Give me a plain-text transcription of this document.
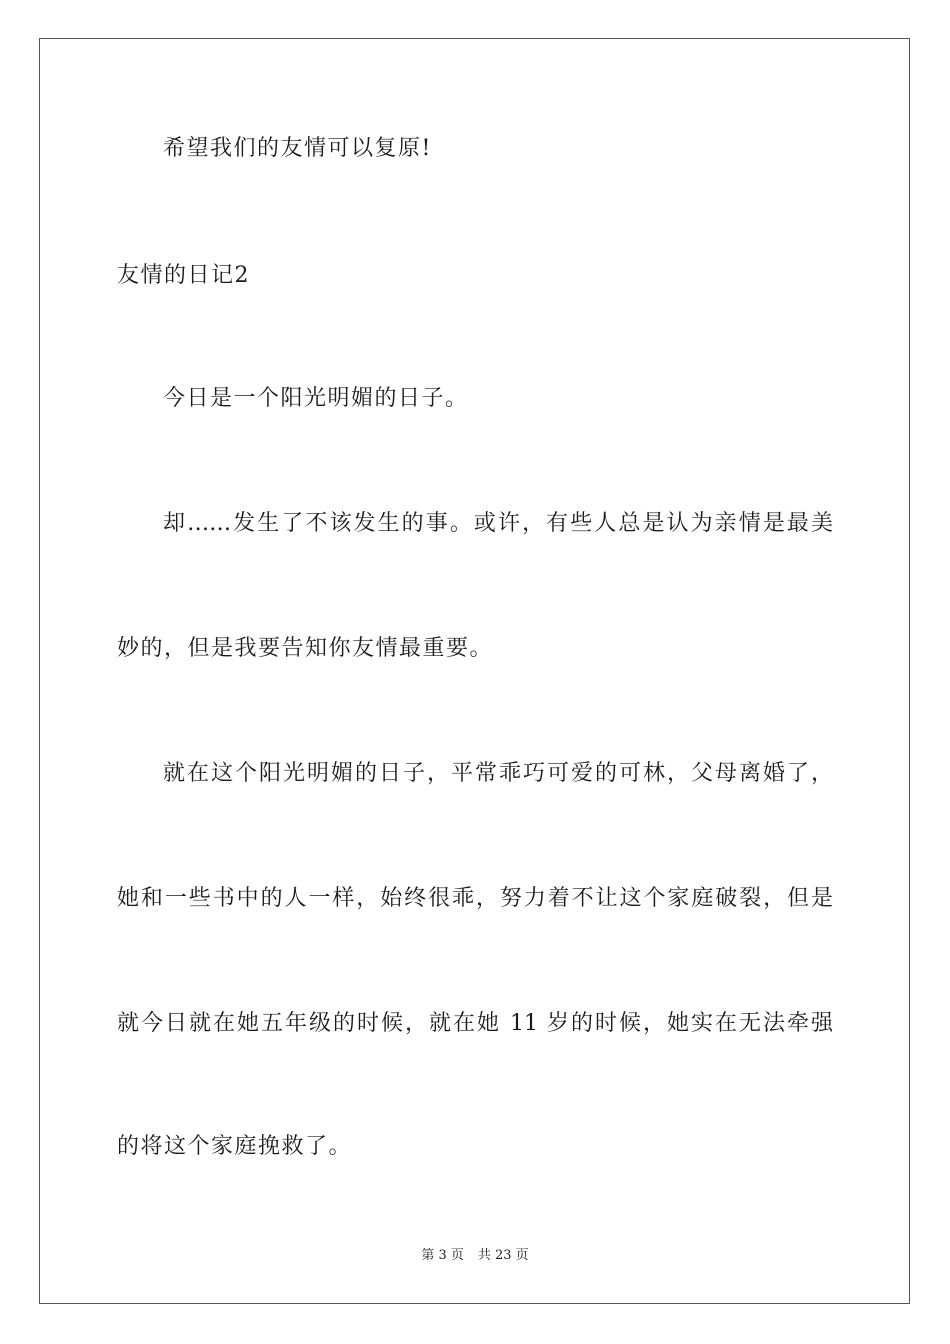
希望我们的友情可以复原!
友情的日记2
今日是一个阳光明媚的日子。
却……发生了不该发生的事。或许，有些人总是认为亲情是最美
妙的，但是我要告知你友情最重要。
就在这个阳光明媚的日子，平常乖巧可爱的可林，父母离婚了，
她和一些书中的人一样，始终很乖，努力着不让这个家庭破裂，但是
就今日就在她五年级的时候，就在她 11 岁的时候，她实在无法牵强
的将这个家庭挽救了。
第 3 页 共 23 页
